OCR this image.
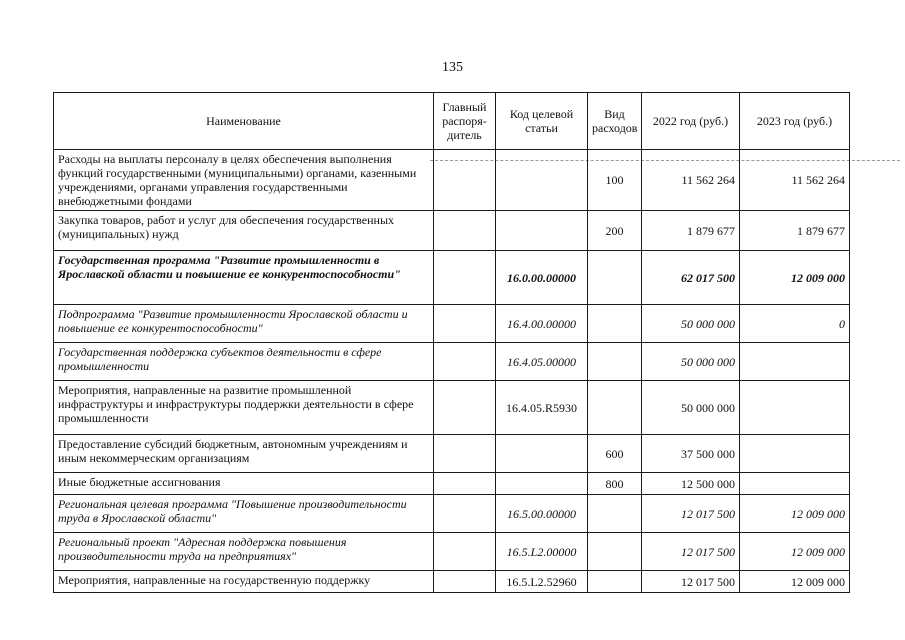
135
Наименование	Главный распоря-дитель	Код целевой статьи	Вид расходов	2022 год (руб.)	2023 год (руб.)
Расходы на выплаты персоналу в целях обеспечения выполнения функций государственными (муниципальными) органами, казенными учреждениями, органами управления государственными внебюджетными фондами			100	11 562 264	11 562 264
Закупка товаров, работ и услуг для обеспечения государственных (муниципальных) нужд			200	1 879 677	1 879 677
Государственная программа "Развитие промышленности в Ярославской области и повышение ее конкурентоспособности"		16.0.00.00000		62 017 500	12 009 000
Подпрограмма "Развитие промышленности Ярославской области и повышение ее конкурентоспособности"		16.4.00.00000		50 000 000	0
Государственная поддержка субъектов деятельности в сфере промышленности		16.4.05.00000		50 000 000	
Мероприятия, направленные на развитие промышленной инфраструктуры и инфраструктуры поддержки деятельности в сфере промышленности		16.4.05.R5930		50 000 000	
Предоставление субсидий бюджетным, автономным учреждениям и иным некоммерческим организациям			600	37 500 000	
Иные бюджетные ассигнования			800	12 500 000	
Региональная целевая программа "Повышение производительности труда в Ярославской области"		16.5.00.00000		12 017 500	12 009 000
Региональный проект "Адресная поддержка повышения производительности труда на предприятиях"		16.5.L2.00000		12 017 500	12 009 000
Мероприятия, направленные на государственную поддержку		16.5.L2.52960		12 017 500	12 009 000
